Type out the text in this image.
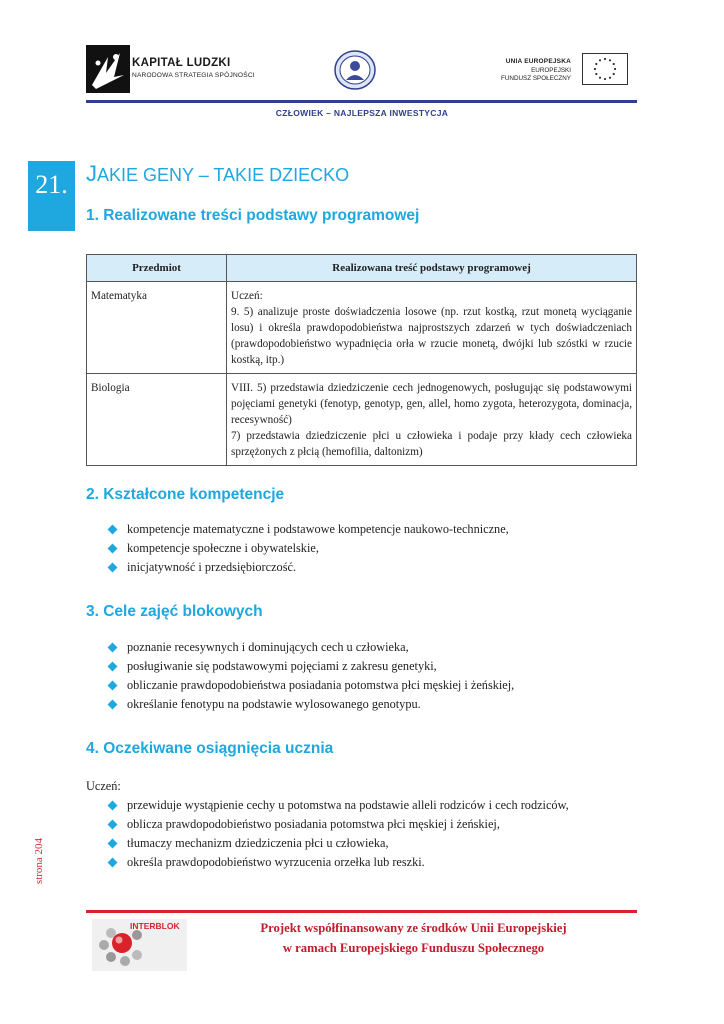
KAPITAŁ LUDZKI
NARODOWA STRATEGIA SPÓJNOŚCI
UNIA EUROPEJSKA
EUROPEJSKI
FUNDUSZ SPOŁECZNY
CZŁOWIEK – NAJLEPSZA INWESTYCJA
21. JAKIE GENY – TAKIE DZIECKO
1. Realizowane treści podstawy programowej
Przedmiot	Realizowana treść podstawy programowej
Matematyka	Uczeń:
9. 5) analizuje proste doświadczenia losowe (np. rzut kostką, rzut monetą wyciąganie losu) i określa prawdopodobieństwa najprostszych zdarzeń w tych doświadczeniach (prawdopodobieństwo wypadnięcia orła w rzucie monetą, dwójki lub szóstki w rzucie kostką, itp.)

Biologia	VIII. 5) przedstawia dziedziczenie cech jednogenowych, posługując się podstawowymi pojęciami genetyki (fenotyp, genotyp, gen, allel, homo zygota, heterozygota, dominacja, recesywność)
7) przedstawia dziedziczenie płci u człowieka i podaje przy kłady cech człowieka sprzężonych z płcią (hemofilia, daltonizm)
2. Kształcone kompetencje
kompetencje matematyczne i podstawowe kompetencje naukowo-techniczne,
kompetencje społeczne i obywatelskie,
inicjatywność i przedsiębiorczość.
3. Cele zajęć blokowych
poznanie recesywnych i dominujących cech u człowieka,
posługiwanie się podstawowymi pojęciami z zakresu genetyki,
obliczanie prawdopodobieństwa posiadania potomstwa płci męskiej i żeńskiej,
określanie fenotypu na podstawie wylosowanego genotypu.
4. Oczekiwane osiągnięcia ucznia
Uczeń:
przewiduje wystąpienie cechy u potomstwa na podstawie alleli rodziców i cech rodziców,
oblicza prawdopodobieństwo posiadania potomstwa płci męskiej i żeńskiej,
tłumaczy mechanizm dziedziczenia płci u człowieka,
określa prawdopodobieństwo wyrzucenia orzełka lub reszki.
strona 204
INTERBLOK	Projekt współfinansowany ze środków Unii Europejskiej
w ramach Europejskiego Funduszu Społecznego
